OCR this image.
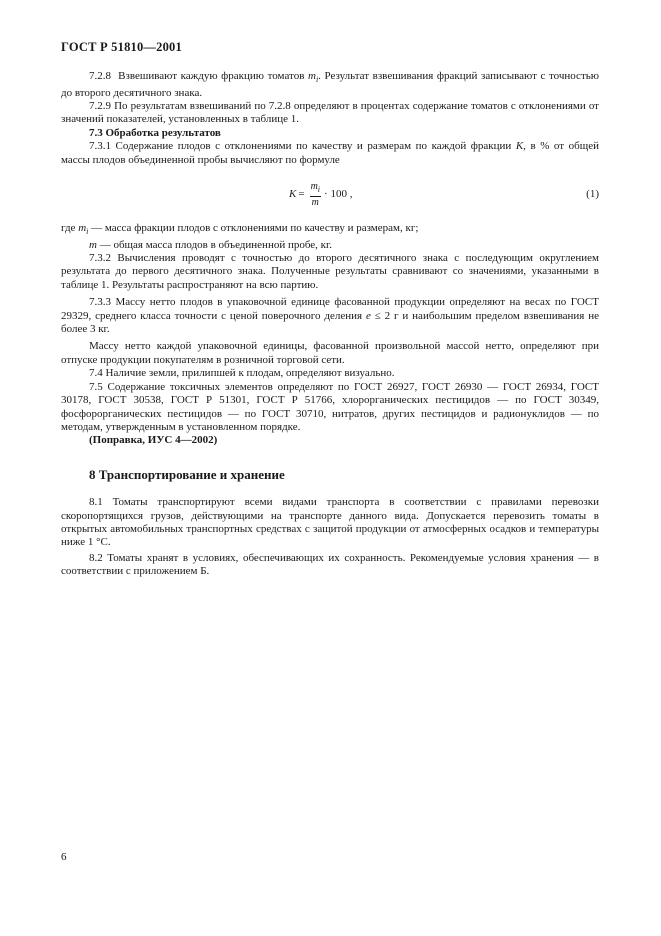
ГОСТ Р 51810—2001

7.2.8 Взвешивают каждую фракцию томатов $m_i$. Результат взвешивания фракций записывают с точностью до второго десятичного знака.

7.2.9 По результатам взвешиваний по 7.2.8 определяют в процентах содержание томатов с отклонениями от значений показателей, установленных в таблице 1.

7.3 Обработка результатов

7.3.1 Содержание плодов с отклонениями по качеству и размерам по каждой фракции K, в % от общей массы плодов объединенной пробы вычисляют по формуле

$K = \frac{m_i}{m} \cdot 100$ ,	(1)

где $m_i$ — масса фракции плодов с отклонениями по качеству и размерам, кг;

m — общая масса плодов в объединенной пробе, кг.

7.3.2 Вычисления проводят с точностью до второго десятичного знака с последующим округлением результата до первого десятичного знака. Полученные результаты сравнивают со значениями, указанными в таблице 1. Результаты распространяют на всю партию.

7.3.3 Массу нетто плодов в упаковочной единице фасованной продукции определяют на весах по ГОСТ 29329, среднего класса точности с ценой поверочного деления e ≤ 2 г и наибольшим пределом взвешивания не более 3 кг.

Массу нетто каждой упаковочной единицы, фасованной произвольной массой нетто, определяют при отпуске продукции покупателям в розничной торговой сети.

7.4 Наличие земли, прилипшей к плодам, определяют визуально.

7.5 Содержание токсичных элементов определяют по ГОСТ 26927, ГОСТ 26930 — ГОСТ 26934, ГОСТ 30178, ГОСТ 30538, ГОСТ Р 51301, ГОСТ Р 51766, хлорорганических пестицидов — по ГОСТ 30349, фосфорорганических пестицидов — по ГОСТ 30710, нитратов, других пестицидов и радионуклидов — по методам, утвержденным в установленном порядке.

(Поправка, ИУС 4—2002)

8 Транспортирование и хранение

8.1 Томаты транспортируют всеми видами транспорта в соответствии с правилами перевозки скоропортящихся грузов, действующими на транспорте данного вида. Допускается перевозить томаты в открытых автомобильных транспортных средствах с защитой продукции от атмосферных осадков и температуры ниже 1 °С.

8.2 Томаты хранят в условиях, обеспечивающих их сохранность. Рекомендуемые условия хранения — в соответствии с приложением Б.

6
